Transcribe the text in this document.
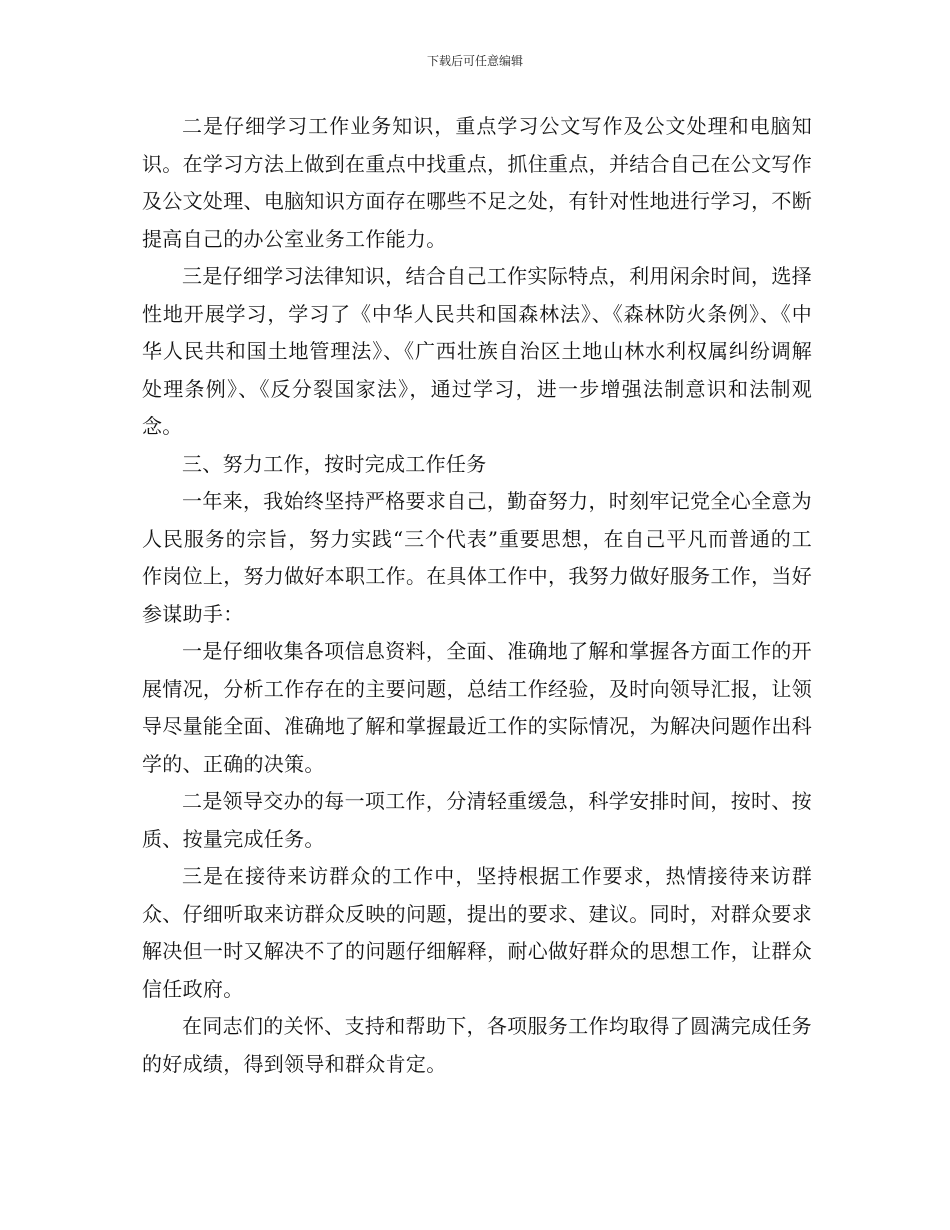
下载后可任意编辑

二是仔细学习工作业务知识，重点学习公文写作及公文处理和电脑知识。在学习方法上做到在重点中找重点，抓住重点，并结合自己在公文写作及公文处理、电脑知识方面存在哪些不足之处，有针对性地进行学习，不断提高自己的办公室业务工作能力。

三是仔细学习法律知识，结合自己工作实际特点，利用闲余时间，选择性地开展学习，学习了《中华人民共和国森林法》、《森林防火条例》、《中华人民共和国土地管理法》、《广西壮族自治区土地山林水利权属纠纷调解处理条例》、《反分裂国家法》，通过学习，进一步增强法制意识和法制观念。

三、努力工作，按时完成工作任务

一年来，我始终坚持严格要求自己，勤奋努力，时刻牢记党全心全意为人民服务的宗旨，努力实践“三个代表”重要思想，在自己平凡而普通的工作岗位上，努力做好本职工作。在具体工作中，我努力做好服务工作，当好参谋助手：

一是仔细收集各项信息资料，全面、准确地了解和掌握各方面工作的开展情况，分析工作存在的主要问题，总结工作经验，及时向领导汇报，让领导尽量能全面、准确地了解和掌握最近工作的实际情况，为解决问题作出科学的、正确的决策。

二是领导交办的每一项工作，分清轻重缓急，科学安排时间，按时、按质、按量完成任务。

三是在接待来访群众的工作中，坚持根据工作要求，热情接待来访群众、仔细听取来访群众反映的问题，提出的要求、建议。同时，对群众要求解决但一时又解决不了的问题仔细解释，耐心做好群众的思想工作，让群众信任政府。

在同志们的关怀、支持和帮助下，各项服务工作均取得了圆满完成任务的好成绩，得到领导和群众肯定。
